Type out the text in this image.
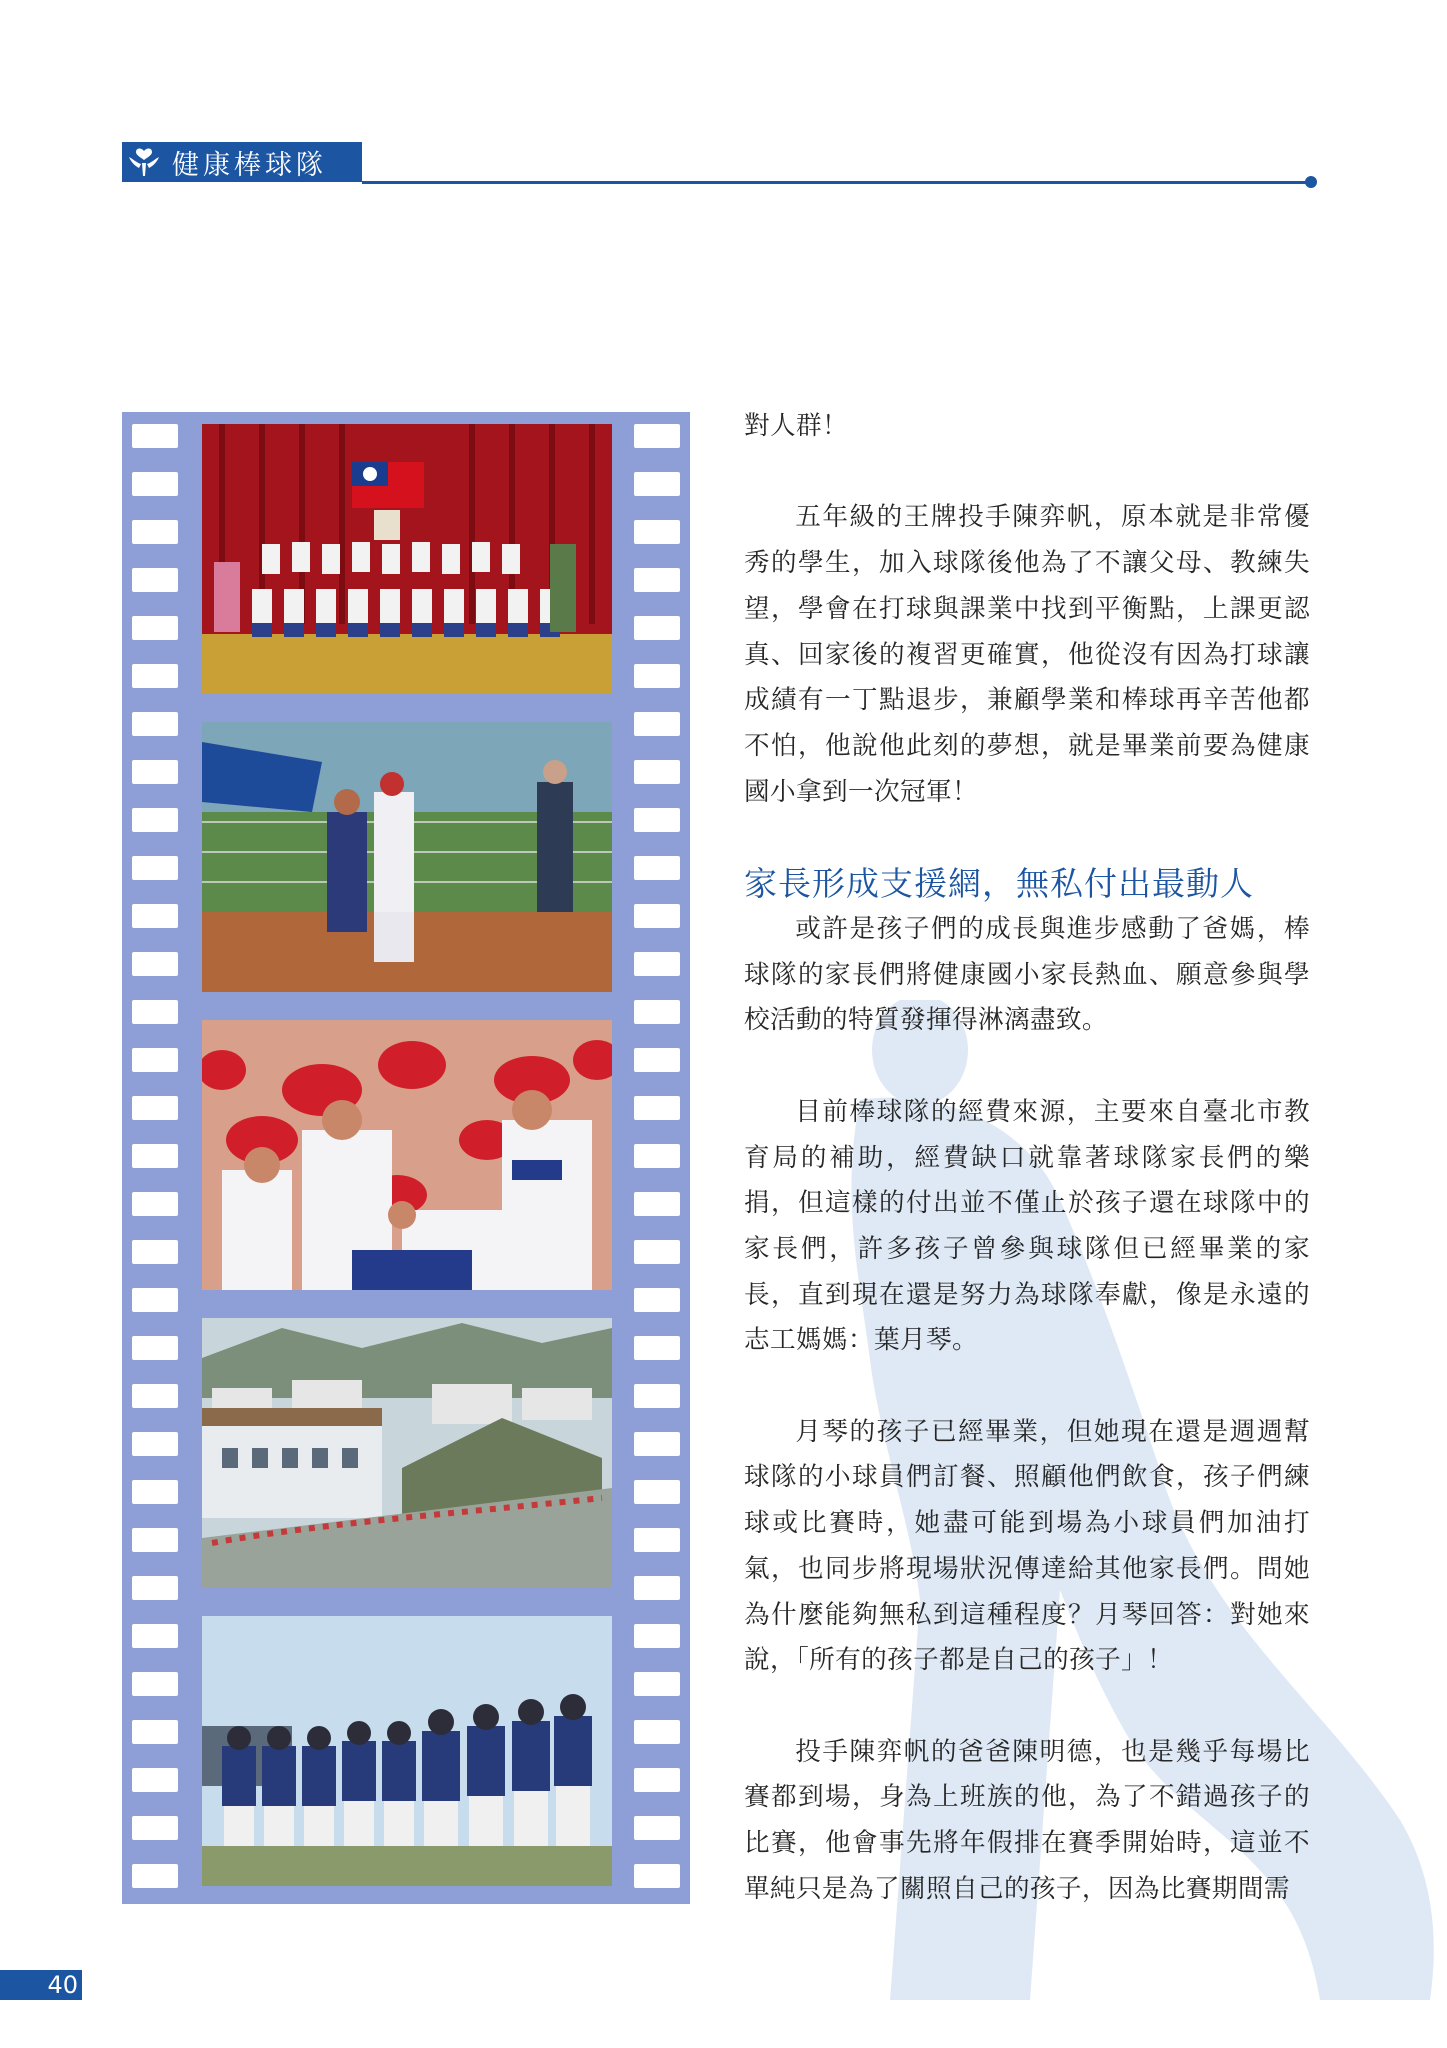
健康棒球隊

對人群！

五年級的王牌投手陳弈帆，原本就是非常優秀的學生，加入球隊後他為了不讓父母、教練失望，學會在打球與課業中找到平衡點，上課更認真、回家後的複習更確實，他從沒有因為打球讓成績有一丁點退步，兼顧學業和棒球再辛苦他都不怕，他說他此刻的夢想，就是畢業前要為健康國小拿到一次冠軍！

家長形成支援網，無私付出最動人

或許是孩子們的成長與進步感動了爸媽，棒球隊的家長們將健康國小家長熱血、願意參與學校活動的特質發揮得淋漓盡致。

目前棒球隊的經費來源，主要來自臺北市教育局的補助，經費缺口就靠著球隊家長們的樂捐，但這樣的付出並不僅止於孩子還在球隊中的家長們，許多孩子曾參與球隊但已經畢業的家長，直到現在還是努力為球隊奉獻，像是永遠的志工媽媽：葉月琴。

月琴的孩子已經畢業，但她現在還是週週幫球隊的小球員們訂餐、照顧他們飲食，孩子們練球或比賽時，她盡可能到場為小球員們加油打氣，也同步將現場狀況傳達給其他家長們。問她為什麼能夠無私到這種程度？月琴回答：對她來說，「所有的孩子都是自己的孩子」！

投手陳弈帆的爸爸陳明德，也是幾乎每場比賽都到場，身為上班族的他，為了不錯過孩子的比賽，他會事先將年假排在賽季開始時，這並不單純只是為了關照自己的孩子，因為比賽期間需

40
